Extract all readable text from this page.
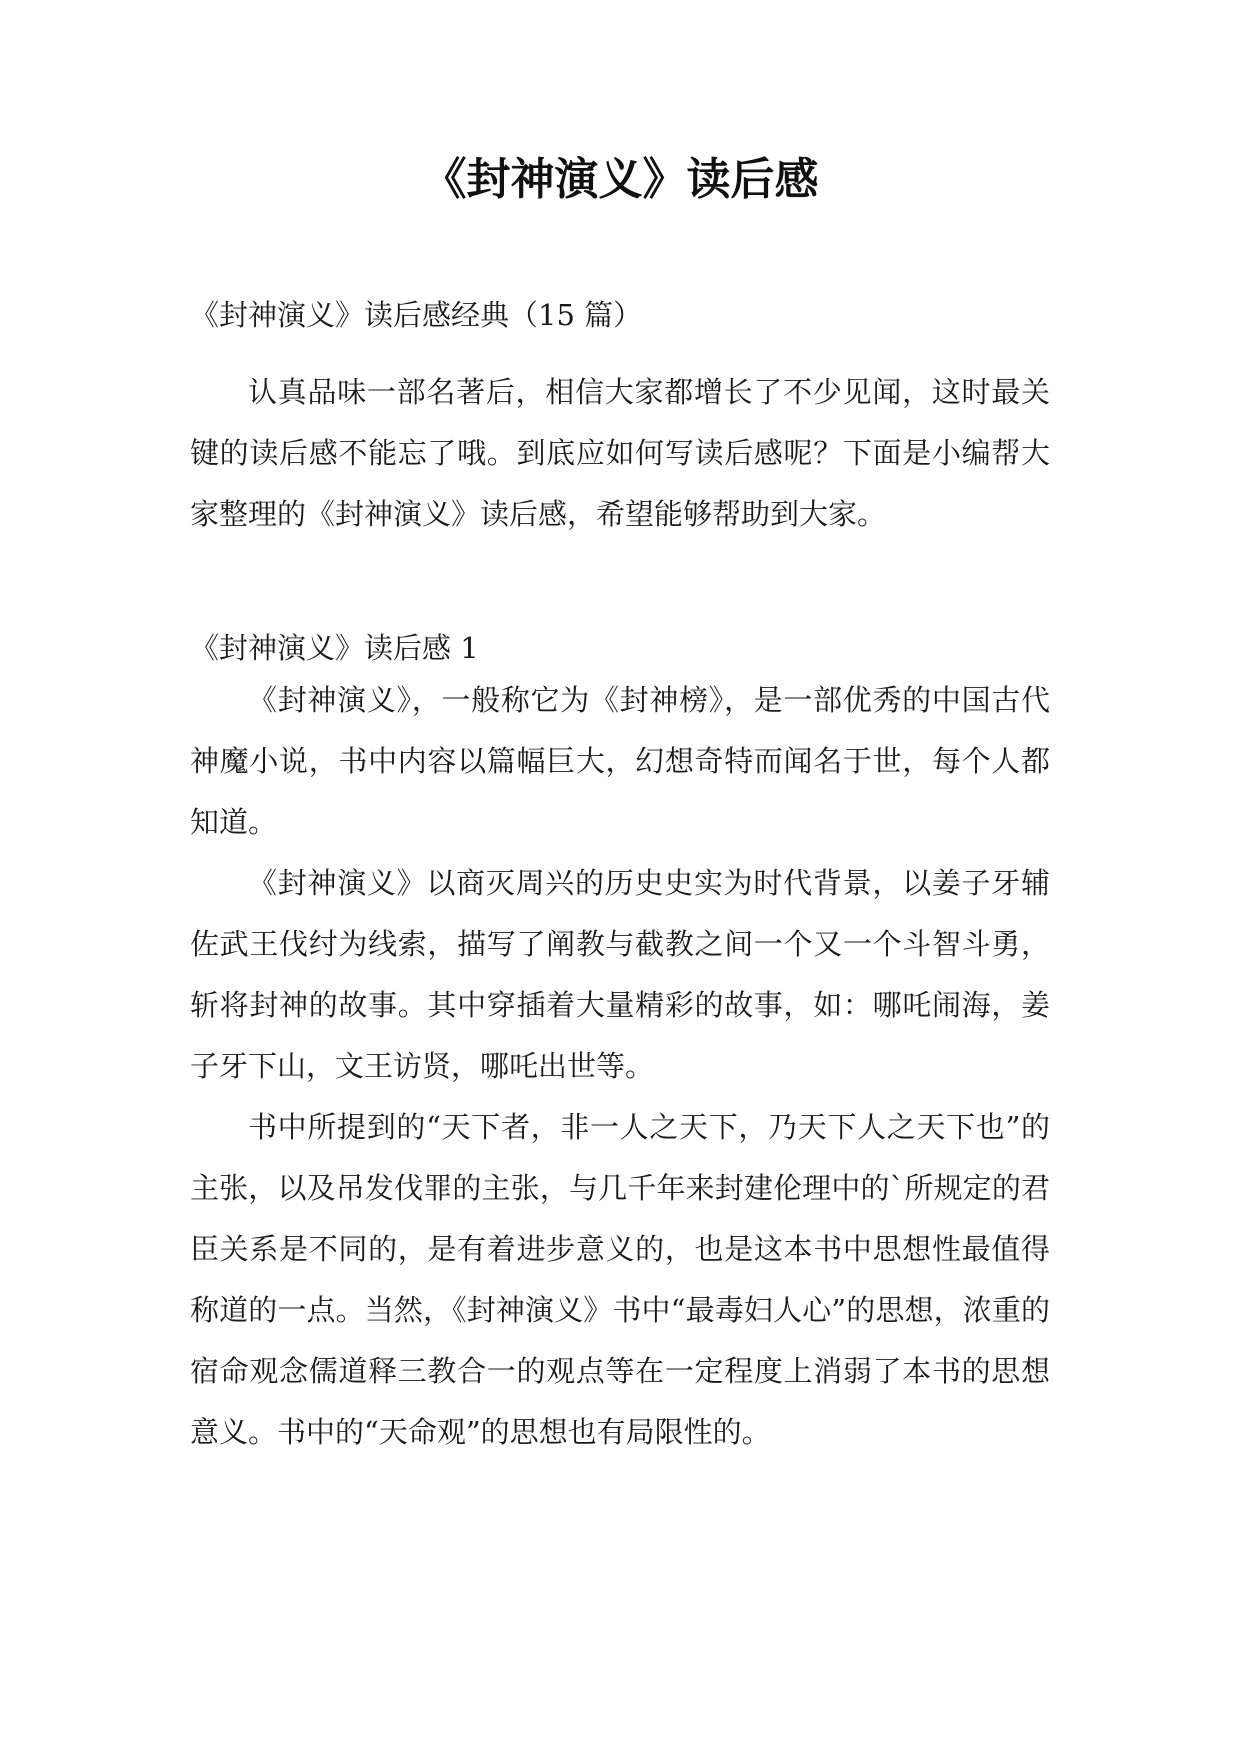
《封神演义》读后感

《封神演义》读后感经典（15 篇）

认真品味一部名著后，相信大家都增长了不少见闻，这时最关键的读后感不能忘了哦。到底应如何写读后感呢？下面是小编帮大家整理的《封神演义》读后感，希望能够帮助到大家。

《封神演义》读后感 1

《封神演义》，一般称它为《封神榜》，是一部优秀的中国古代神魔小说，书中内容以篇幅巨大，幻想奇特而闻名于世，每个人都知道。

《封神演义》以商灭周兴的历史史实为时代背景，以姜子牙辅佐武王伐纣为线索，描写了阐教与截教之间一个又一个斗智斗勇，斩将封神的故事。其中穿插着大量精彩的故事，如：哪吒闹海，姜子牙下山，文王访贤，哪吒出世等。

书中所提到的“天下者，非一人之天下，乃天下人之天下也”的主张，以及吊发伐罪的主张，与几千年来封建伦理中的`所规定的君臣关系是不同的，是有着进步意义的，也是这本书中思想性最值得称道的一点。当然，《封神演义》书中“最毒妇人心”的思想，浓重的宿命观念儒道释三教合一的观点等在一定程度上消弱了本书的思想意义。书中的“天命观”的思想也有局限性的。
